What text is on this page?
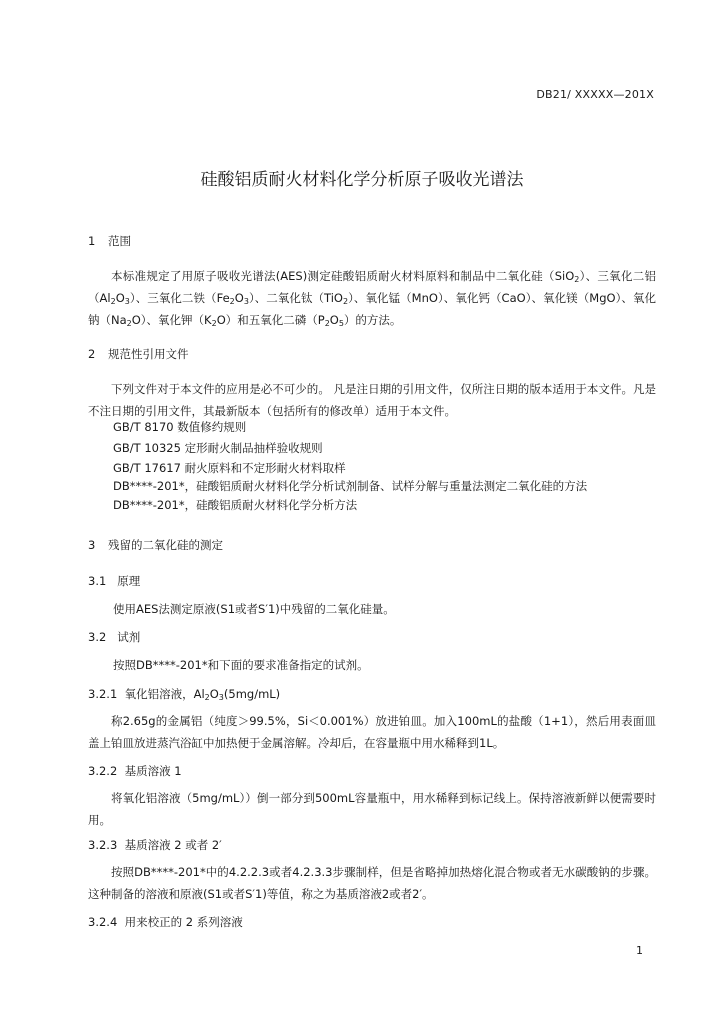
DB21/ XXXXX—201X
硅酸铝质耐火材料化学分析原子吸收光谱法
1 范围
本标准规定了用原子吸收光谱法(AES)测定硅酸铝质耐火材料原料和制品中二氧化硅（SiO$_2$）、三氧化二铝$(Al_2O_3)$、三氧化二铁$(Fe_2O_3)$、二氧化钛（TiO$_2$）、氧化锰（MnO）、氧化钙（CaO）、氧化镁（MgO）、氧化钠$(Na_2O)$、氧化钾$(K_2O)$和五氧化二磷$(P_2O_5)$的方法。
2 规范性引用文件
下列文件对于本文件的应用是必不可少的。 凡是注日期的引用文件，仅所注日期的版本适用于本文件。凡是不注日期的引用文件，其最新版本（包括所有的修改单）适用于本文件。
GB/T 8170 数值修约规则
GB/T 10325 定形耐火制品抽样验收规则
GB/T 17617 耐火原料和不定形耐火材料取样
DB****-201*，硅酸铝质耐火材料化学分析试剂制备、试样分解与重量法测定二氧化硅的方法
DB****-201*，硅酸铝质耐火材料化学分析方法
3 残留的二氧化硅的测定
3.1 原理
使用AES法测定原液(S1或者S′1)中残留的二氧化硅量。
3.2 试剂
按照DB****-201*和下面的要求准备指定的试剂。
3.2.1 氧化铝溶液，$Al_2O_3(5mg/mL)$
称2.65g的金属铝（纯度＞99.5%，Si＜0.001%）放进铂皿。加入100mL的盐酸（1+1），然后用表面皿盖上铂皿放进蒸汽浴缸中加热便于金属溶解。冷却后，在容量瓶中用水稀释到1L。
3.2.2 基质溶液 1
将氧化铝溶液（5mg/mL））倒一部分到500mL容量瓶中，用水稀释到标记线上。保持溶液新鲜以便需要时用。
3.2.3 基质溶液 2 或者 2′
按照DB****-201*中的4.2.2.3或者4.2.3.3步骤制样，但是省略掉加热熔化混合物或者无水碳酸钠的步骤。这种制备的溶液和原液(S1或者S′1)等值，称之为基质溶液2或者2′。
3.2.4 用来校正的 2 系列溶液
1
